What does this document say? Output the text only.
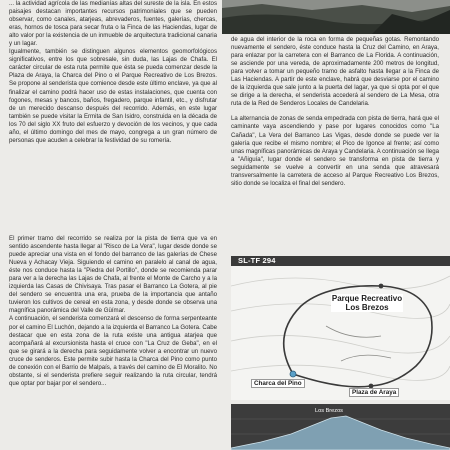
... la actividad agrícola de las medianías altas del sureste de la isla. En estos paisajes destacan importantes recursos patrimoniales que se pueden observar, como canales, atarjeas, abrevaderos, fuentes, galerías, chercas, eras, hornos de tosca para secar fruta o la Finca de las Haciendas, lugar de alto valor por la existencia de un inmueble de arquitectura tradicional canaria y un lagar.

Igualmente, también se distinguen algunos elementos geomorfológicos significativos, entre los que sobresale, sin duda, las Lajas de Chafa. El carácter circular de esta ruta permite que ésta se pueda comenzar desde la Plaza de Araya, la Charca del Pino o el Parque Recreativo de Los Brezos. Se propone al senderista que comience desde este último enclave, ya que al finalizar el camino podrá hacer uso de estas instalaciones, que cuenta con fogones, mesas y bancos, baños, fregadero, parque infantil, etc., y disfrutar de un merecido descanso después del recorrido. Además, en este lugar también se puede visitar la Ermita de San Isidro, construida en la década de los 70 del siglo XX fruto del esfuerzo y devoción de los vecinos, y que cada año, el último domingo del mes de mayo, congrega a un gran número de personas que acuden a celebrar la festividad de su romería.

El primer tramo del recorrido se realiza por la pista de tierra que va en sentido ascendente hasta llegar al "Risco de La Vera", lugar desde donde se puede apreciar una vista en el fondo del barranco de las galerías de Chese Nueva y Achacay Vieja. Siguiendo el camino en paralelo al canal de agua, éste nos conduce hasta la "Piedra del Portillo", donde se recomienda parar para ver a la derecha las Lajas de Chafa, al frente el Monte de Carcho y a la izquierda las Casas de Chivisaya. Tras pasar el Barranco La Gotera, al pie del sendero se encuentra una era, prueba de la importancia que antaño tuvieron los cultivos de cereal en esta zona, y desde donde se observa una magnífica panorámica del Valle de Güímar.

A continuación, el senderista comenzará el descenso de forma serpenteante por el camino El Luchón, dejando a la izquierda el Barranco La Gotera. Cabe destacar que en esta zona de la ruta existe una antigua atarjea que acompañará al excursionista hasta el cruce con "La Cruz de Geba", en el que se girará a la derecha para seguidamente volver a encontrar un nuevo cruce de senderos. Este permite subir hasta la Charca del Pino como punto de conexión con el Barrio de Malpaís, a través del camino de El Moralito. No obstante, si el senderista prefiere seguir realizando la ruta circular, tendrá que optar por bajar por el sendero...

de agua del interior de la roca en forma de pequeñas gotas. Remontando nuevamente el sendero, éste conduce hasta la Cruz del Camino, en Araya, para enlazar por la carretera con el Barranco de La Florida. A continuación, se asciende por una vereda, de aproximadamente 200 metros de longitud, para volver a tomar un pequeño tramo de asfalto hasta llegar a la Finca de Las Haciendas. A partir de este enclave, habrá que desviarse por el camino de la izquierda que sale junto a la puerta del lagar, ya que si opta por el que se dirige a la derecha, el senderista accederá al sendero de La Mesa, otra ruta de la Red de Senderos Locales de Candelaria.

La alternancia de zonas de senda empedrada con pista de tierra, hará que el caminante vaya ascendiendo y pase por lugares conocidos como "La Cañada", La Vera del Barranco Las Vigas, desde donde se puede ver la galería que recibe el mismo nombre; el Pico de Igonce al frente; así como unas magníficas panorámicas de Araya y Candelaria. A continuación se llega a "Añiguía", lugar donde el sendero se transforma en pista de tierra y seguidamente se vuelve a convertir en una senda que atravesará transversalmente la carretera de acceso al Parque Recreativo Los Brezos, sitio donde se localiza el final del sendero.

SL-TF 294
Parque Recreativo Los Brezos
Charca del Pino
Plaza de Araya
Los Brezos
